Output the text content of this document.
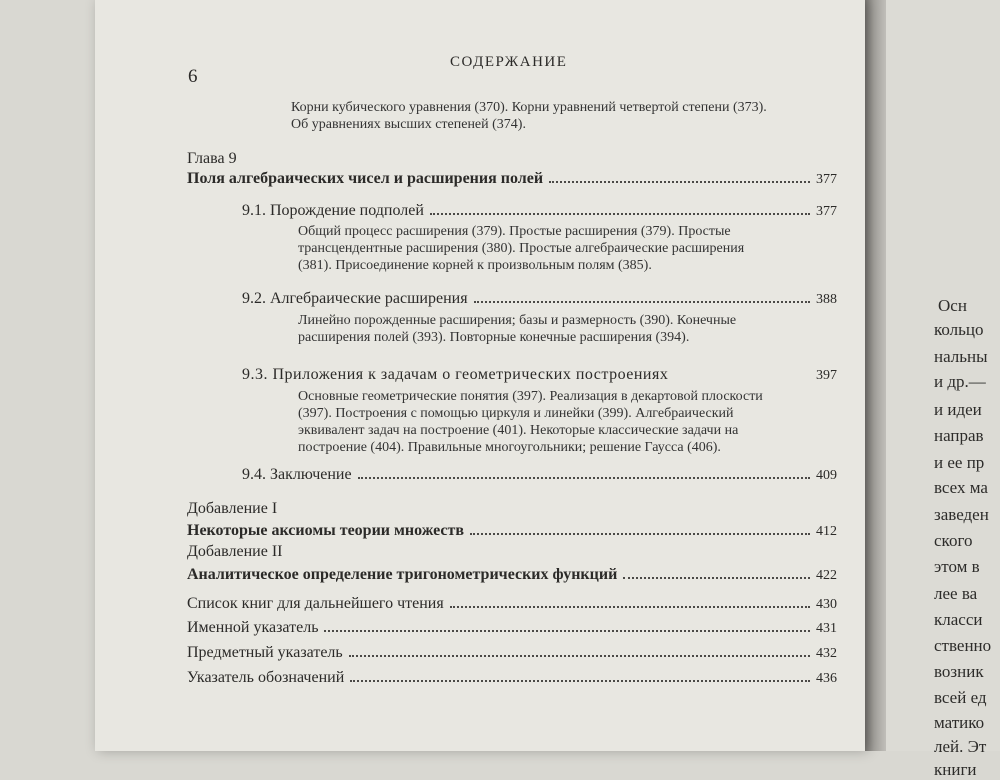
6
СОДЕРЖАНИЕ
Корни кубического уравнения (370). Корни уравнений четвертой степени (373). Об уравнениях высших степеней (374).
Глава 9
Поля алгебраических чисел и расширения полей	377
9.1. Порождение подполей	377
Общий процесс расширения (379). Простые расширения (379). Простые трансцендентные расширения (380). Простые алгебраические расширения (381). Присоединение корней к произвольным полям (385).
9.2. Алгебраические расширения	388
Линейно порожденные расширения; базы и размерность (390). Конечные расширения полей (393). Повторные конечные расширения (394).
9.3. Приложения к задачам о геометрических построениях	397
Основные геометрические понятия (397). Реализация в декартовой плоскости (397). Построения с помощью циркуля и линейки (399). Алгебраический эквивалент задач на построение (401). Некоторые классические задачи на построение (404). Правильные многоугольники; решение Гаусса (406).
9.4. Заключение	409
Добавление I
Некоторые аксиомы теории множеств	412
Добавление II
Аналитическое определение тригонометрических функций	422
Список книг для дальнейшего чтения	430
Именной указатель	431
Предметный указатель	432
Указатель обозначений	436
Осн
кольцо
нальны
и др.—
и идеи
направ
и ее пр
всех ма
заведен
ского
этом в
лее ва
класси
ственно
возник
всей ед
матико
лей. Эт
книги
